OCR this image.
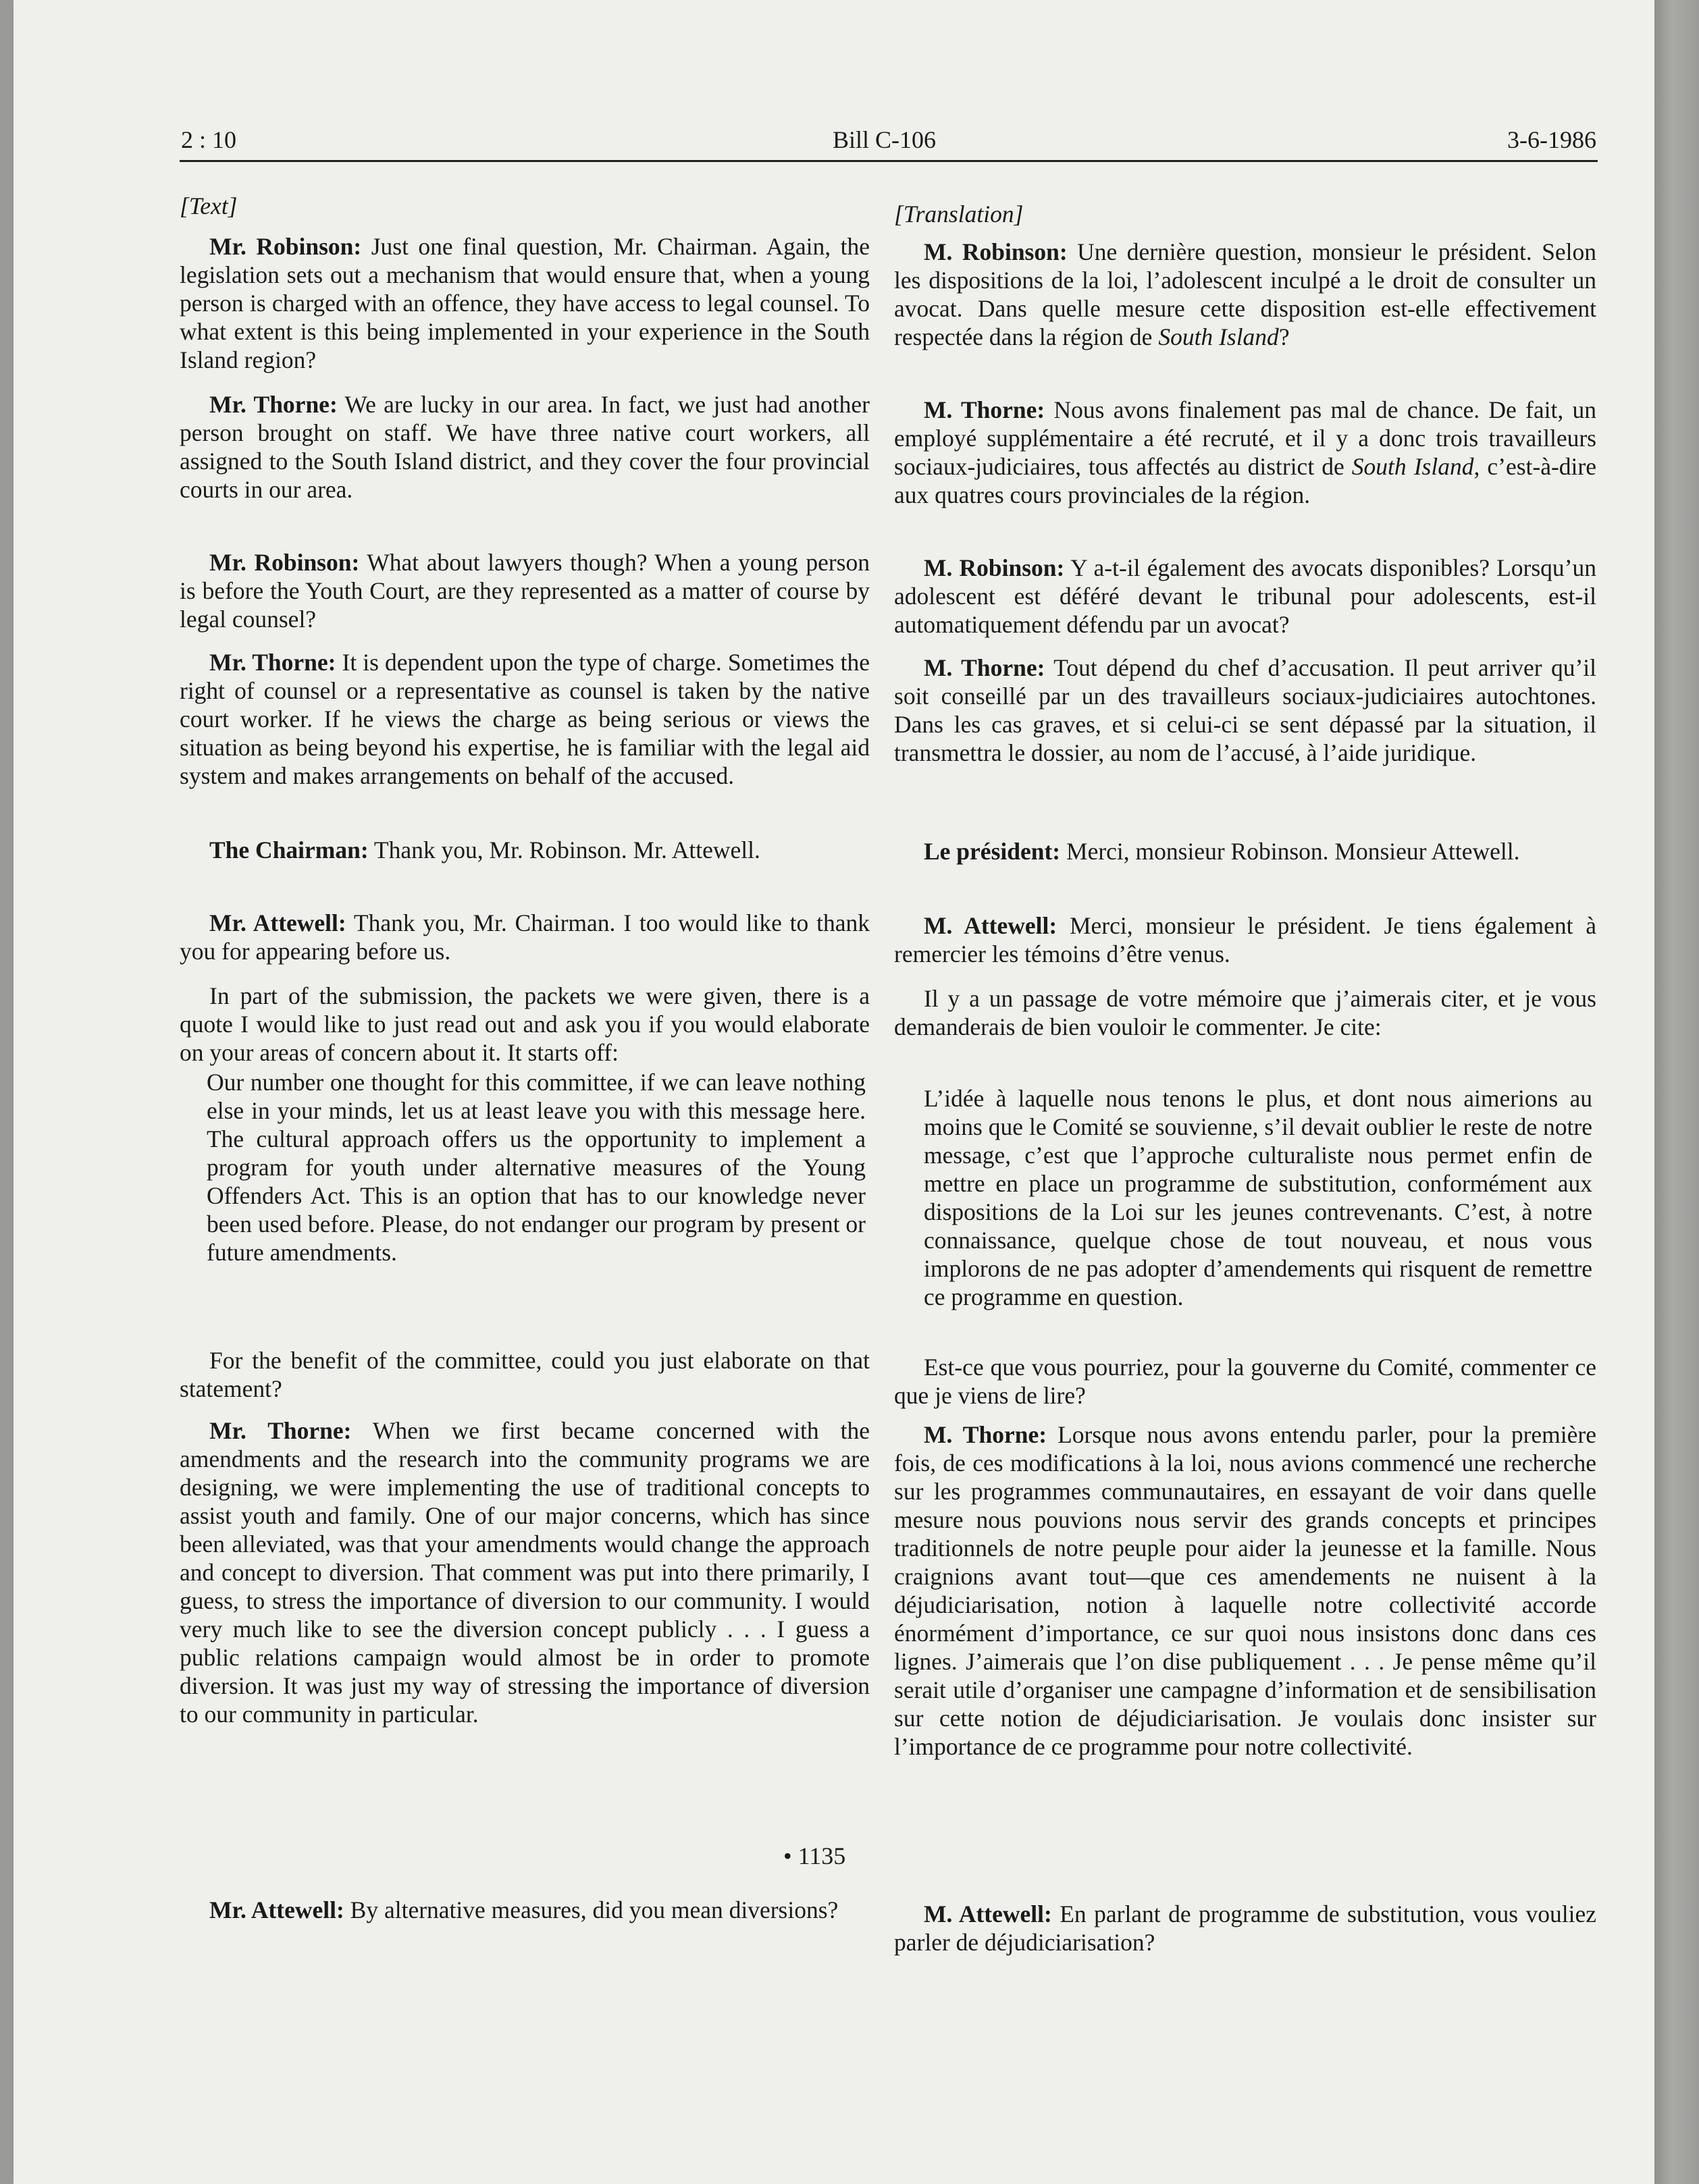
2 : 10	Bill C-106	3-6-1986

[Text]

Mr. Robinson: Just one final question, Mr. Chairman. Again, the legislation sets out a mechanism that would ensure that, when a young person is charged with an offence, they have access to legal counsel. To what extent is this being implemented in your experience in the South Island region?

Mr. Thorne: We are lucky in our area. In fact, we just had another person brought on staff. We have three native court workers, all assigned to the South Island district, and they cover the four provincial courts in our area.

Mr. Robinson: What about lawyers though? When a young person is before the Youth Court, are they represented as a matter of course by legal counsel?

Mr. Thorne: It is dependent upon the type of charge. Sometimes the right of counsel or a representative as counsel is taken by the native court worker. If he views the charge as being serious or views the situation as being beyond his expertise, he is familiar with the legal aid system and makes arrangements on behalf of the accused.

The Chairman: Thank you, Mr. Robinson. Mr. Attewell.

Mr. Attewell: Thank you, Mr. Chairman. I too would like to thank you for appearing before us.

In part of the submission, the packets we were given, there is a quote I would like to just read out and ask you if you would elaborate on your areas of concern about it. It starts off:

Our number one thought for this committee, if we can leave nothing else in your minds, let us at least leave you with this message here. The cultural approach offers us the opportunity to implement a program for youth under alternative measures of the Young Offenders Act. This is an option that has to our knowledge never been used before. Please, do not endanger our program by present or future amendments.

For the benefit of the committee, could you just elaborate on that statement?

Mr. Thorne: When we first became concerned with the amendments and the research into the community programs we are designing, we were implementing the use of traditional concepts to assist youth and family. One of our major concerns, which has since been alleviated, was that your amendments would change the approach and concept to diversion. That comment was put into there primarily, I guess, to stress the importance of diversion to our community. I would very much like to see the diversion concept publicly . . . I guess a public relations campaign would almost be in order to promote diversion. It was just my way of stressing the importance of diversion to our community in particular.

• 1135

Mr. Attewell: By alternative measures, did you mean diversions?

[Translation]

M. Robinson: Une dernière question, monsieur le président. Selon les dispositions de la loi, l’adolescent inculpé a le droit de consulter un avocat. Dans quelle mesure cette disposition est-elle effectivement respectée dans la région de South Island?

M. Thorne: Nous avons finalement pas mal de chance. De fait, un employé supplémentaire a été recruté, et il y a donc trois travailleurs sociaux-judiciaires, tous affectés au district de South Island, c’est-à-dire aux quatres cours provinciales de la région.

M. Robinson: Y a-t-il également des avocats disponibles? Lorsqu’un adolescent est déféré devant le tribunal pour adolescents, est-il automatiquement défendu par un avocat?

M. Thorne: Tout dépend du chef d’accusation. Il peut arriver qu’il soit conseillé par un des travailleurs sociaux-judiciaires autochtones. Dans les cas graves, et si celui-ci se sent dépassé par la situation, il transmettra le dossier, au nom de l’accusé, à l’aide juridique.

Le président: Merci, monsieur Robinson. Monsieur Attewell.

M. Attewell: Merci, monsieur le président. Je tiens également à remercier les témoins d’être venus.

Il y a un passage de votre mémoire que j’aimerais citer, et je vous demanderais de bien vouloir le commenter. Je cite:

L’idée à laquelle nous tenons le plus, et dont nous aimerions au moins que le Comité se souvienne, s’il devait oublier le reste de notre message, c’est que l’approche culturaliste nous permet enfin de mettre en place un programme de substitution, conformément aux dispositions de la Loi sur les jeunes contrevenants. C’est, à notre connaissance, quelque chose de tout nouveau, et nous vous implorons de ne pas adopter d’amendements qui risquent de remettre ce programme en question.

Est-ce que vous pourriez, pour la gouverne du Comité, commenter ce que je viens de lire?

M. Thorne: Lorsque nous avons entendu parler, pour la première fois, de ces modifications à la loi, nous avions commencé une recherche sur les programmes communautaires, en essayant de voir dans quelle mesure nous pouvions nous servir des grands concepts et principes traditionnels de notre peuple pour aider la jeunesse et la famille. Nous craignions avant tout—que ces amendements ne nuisent à la déjudiciarisation, notion à laquelle notre collectivité accorde énormément d’importance, ce sur quoi nous insistons donc dans ces lignes. J’aimerais que l’on dise publiquement . . . Je pense même qu’il serait utile d’organiser une campagne d’information et de sensibilisation sur cette notion de déjudiciarisation. Je voulais donc insister sur l’importance de ce programme pour notre collectivité.

M. Attewell: En parlant de programme de substitution, vous vouliez parler de déjudiciarisation?
